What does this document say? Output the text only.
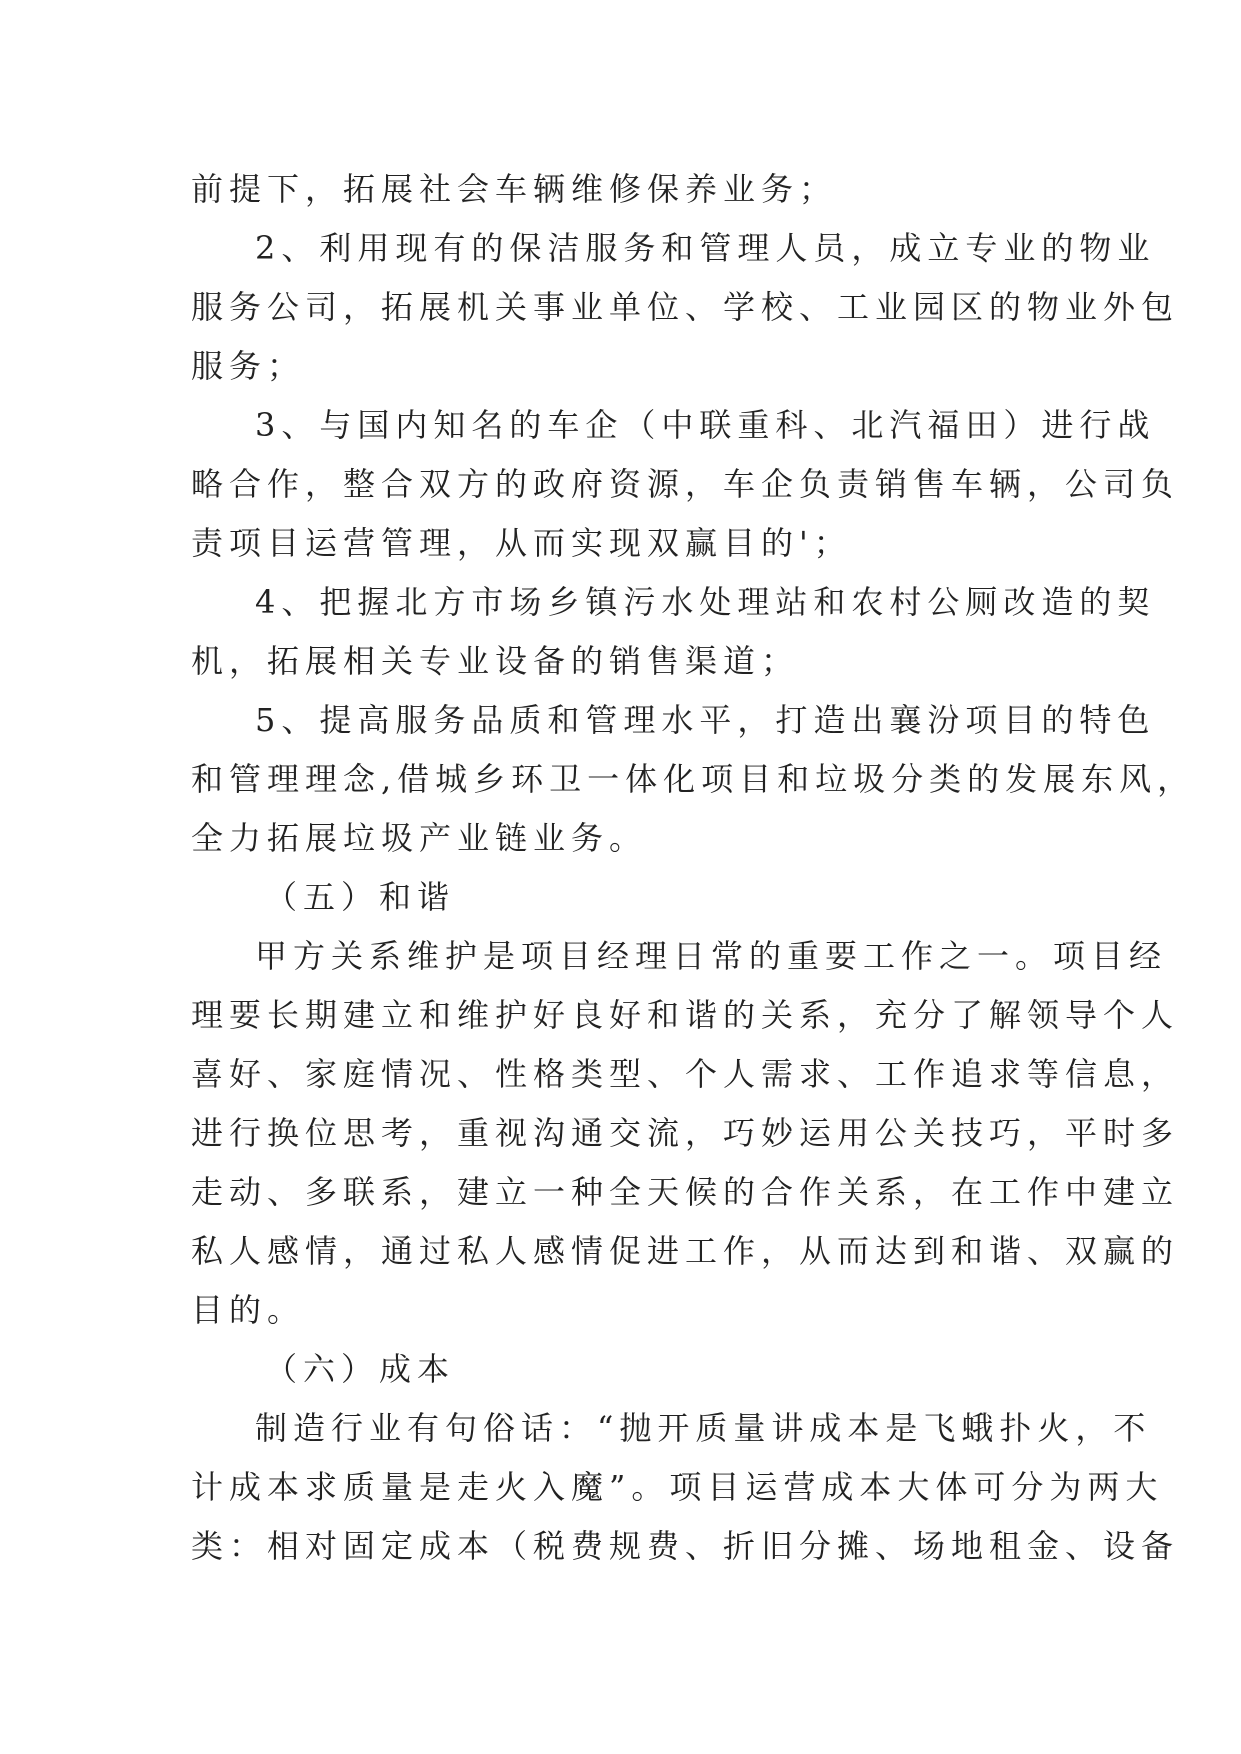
前提下，拓展社会车辆维修保养业务；
2、利用现有的保洁服务和管理人员，成立专业的物业
服务公司，拓展机关事业单位、学校、工业园区的物业外包
服务；
3、与国内知名的车企（中联重科、北汽福田）进行战
略合作，整合双方的政府资源，车企负责销售车辆，公司负
责项目运营管理，从而实现双赢目的'；
4、把握北方市场乡镇污水处理站和农村公厕改造的契
机，拓展相关专业设备的销售渠道；
5、提高服务品质和管理水平，打造出襄汾项目的特色
和管理理念,借城乡环卫一体化项目和垃圾分类的发展东风，
全力拓展垃圾产业链业务。
（五）和谐
甲方关系维护是项目经理日常的重要工作之一。项目经
理要长期建立和维护好良好和谐的关系，充分了解领导个人
喜好、家庭情况、性格类型、个人需求、工作追求等信息，
进行换位思考，重视沟通交流，巧妙运用公关技巧，平时多
走动、多联系，建立一种全天候的合作关系，在工作中建立
私人感情，通过私人感情促进工作，从而达到和谐、双赢的
目的。
（六）成本
制造行业有句俗话：“抛开质量讲成本是飞蛾扑火，不
计成本求质量是走火入魔”。项目运营成本大体可分为两大
类：相对固定成本（税费规费、折旧分摊、场地租金、设备
